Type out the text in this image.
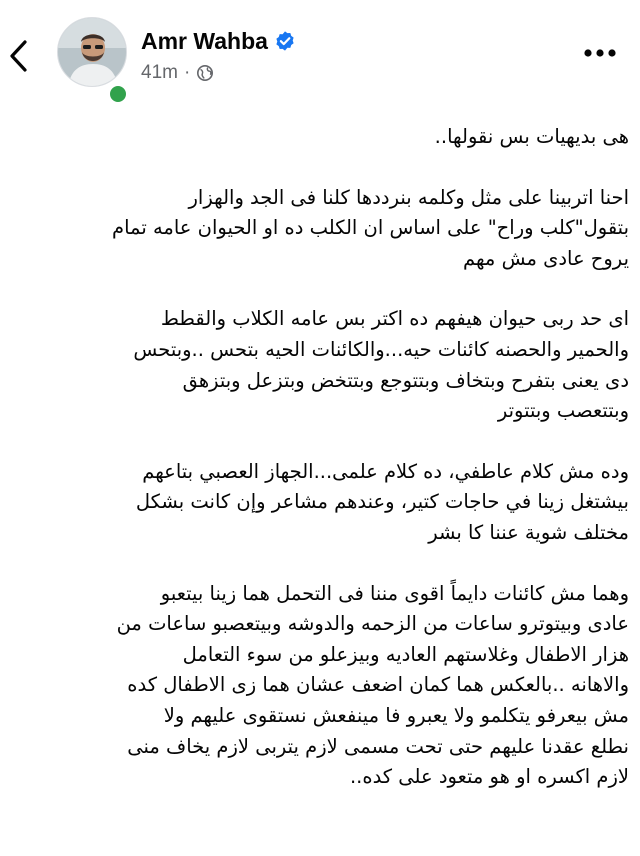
Amr Wahba
41m ·
هى بديهيات بس نقولها..
احنا اتربينا على مثل وكلمه بنرددها كلنا فى الجد والهزار
بتقول"كلب وراح" على اساس ان الكلب ده او الحيوان عامه تمام
يروح عادى مش مهم
اى حد ربى حيوان هيفهم ده اكتر بس عامه الكلاب والقطط
والحمير والحصنه كائنات حيه...والكائنات الحيه بتحس ..وبتحس
دى يعنى بتفرح وبتخاف وبتتوجع وبتتخض وبتزعل وبتزهق
وبتتعصب وبتتوتر
وده مش كلام عاطفي، ده كلام علمى...الجهاز العصبي بتاعهم
بيشتغل زينا في حاجات كتير، وعندهم مشاعر وإن كانت بشكل
مختلف شوية عننا كا بشر
وهما مش كائنات دايماً اقوى مننا فى التحمل هما زينا بيتعبو
عادى وبيتوترو ساعات من الزحمه والدوشه وبيتعصبو ساعات من
هزار الاطفال وغلاستهم العاديه وبيزعلو من سوء التعامل
والاهانه ..بالعكس هما كمان اضعف عشان هما زى الاطفال كده
مش بيعرفو يتكلمو ولا يعبرو فا مينفعش نستقوى عليهم ولا
نطلع عقدنا عليهم حتى تحت مسمى لازم يتربى لازم يخاف منى
لازم اكسره او هو متعود على كده..
